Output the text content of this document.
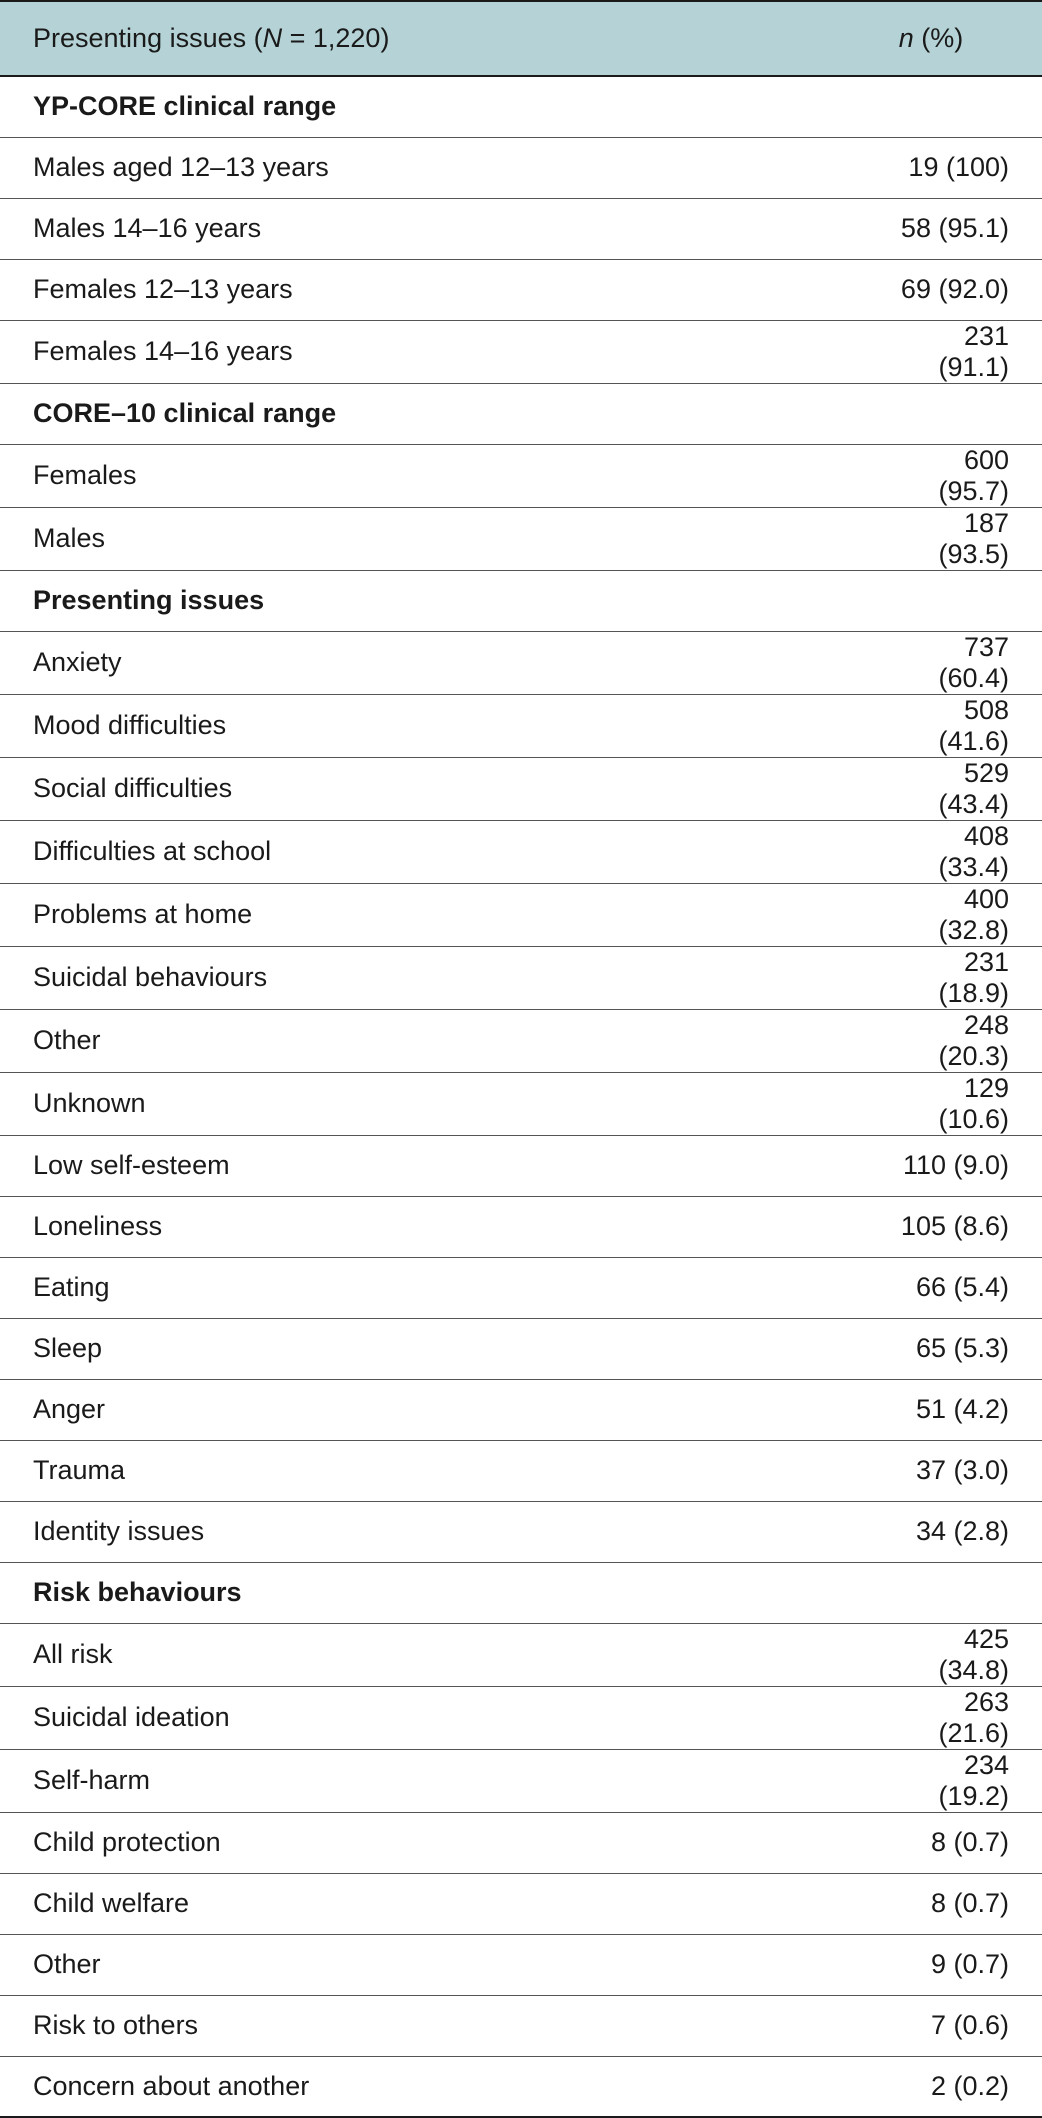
Presenting issues (N = 1,220)	n (%)
YP-CORE clinical range	
Males aged 12–13 years	19 (100)
Males 14–16 years	58 (95.1)
Females 12–13 years	69 (92.0)
Females 14–16 years	231 (91.1)
CORE–10 clinical range	
Females	600 (95.7)
Males	187 (93.5)
Presenting issues	
Anxiety	737 (60.4)
Mood difficulties	508 (41.6)
Social difficulties	529 (43.4)
Difficulties at school	408 (33.4)
Problems at home	400 (32.8)
Suicidal behaviours	231 (18.9)
Other	248 (20.3)
Unknown	129 (10.6)
Low self-esteem	110 (9.0)
Loneliness	105 (8.6)
Eating	66 (5.4)
Sleep	65 (5.3)
Anger	51 (4.2)
Trauma	37 (3.0)
Identity issues	34 (2.8)
Risk behaviours	
All risk	425 (34.8)
Suicidal ideation	263 (21.6)
Self-harm	234 (19.2)
Child protection	8 (0.7)
Child welfare	8 (0.7)
Other	9 (0.7)
Risk to others	7 (0.6)
Concern about another	2 (0.2)
